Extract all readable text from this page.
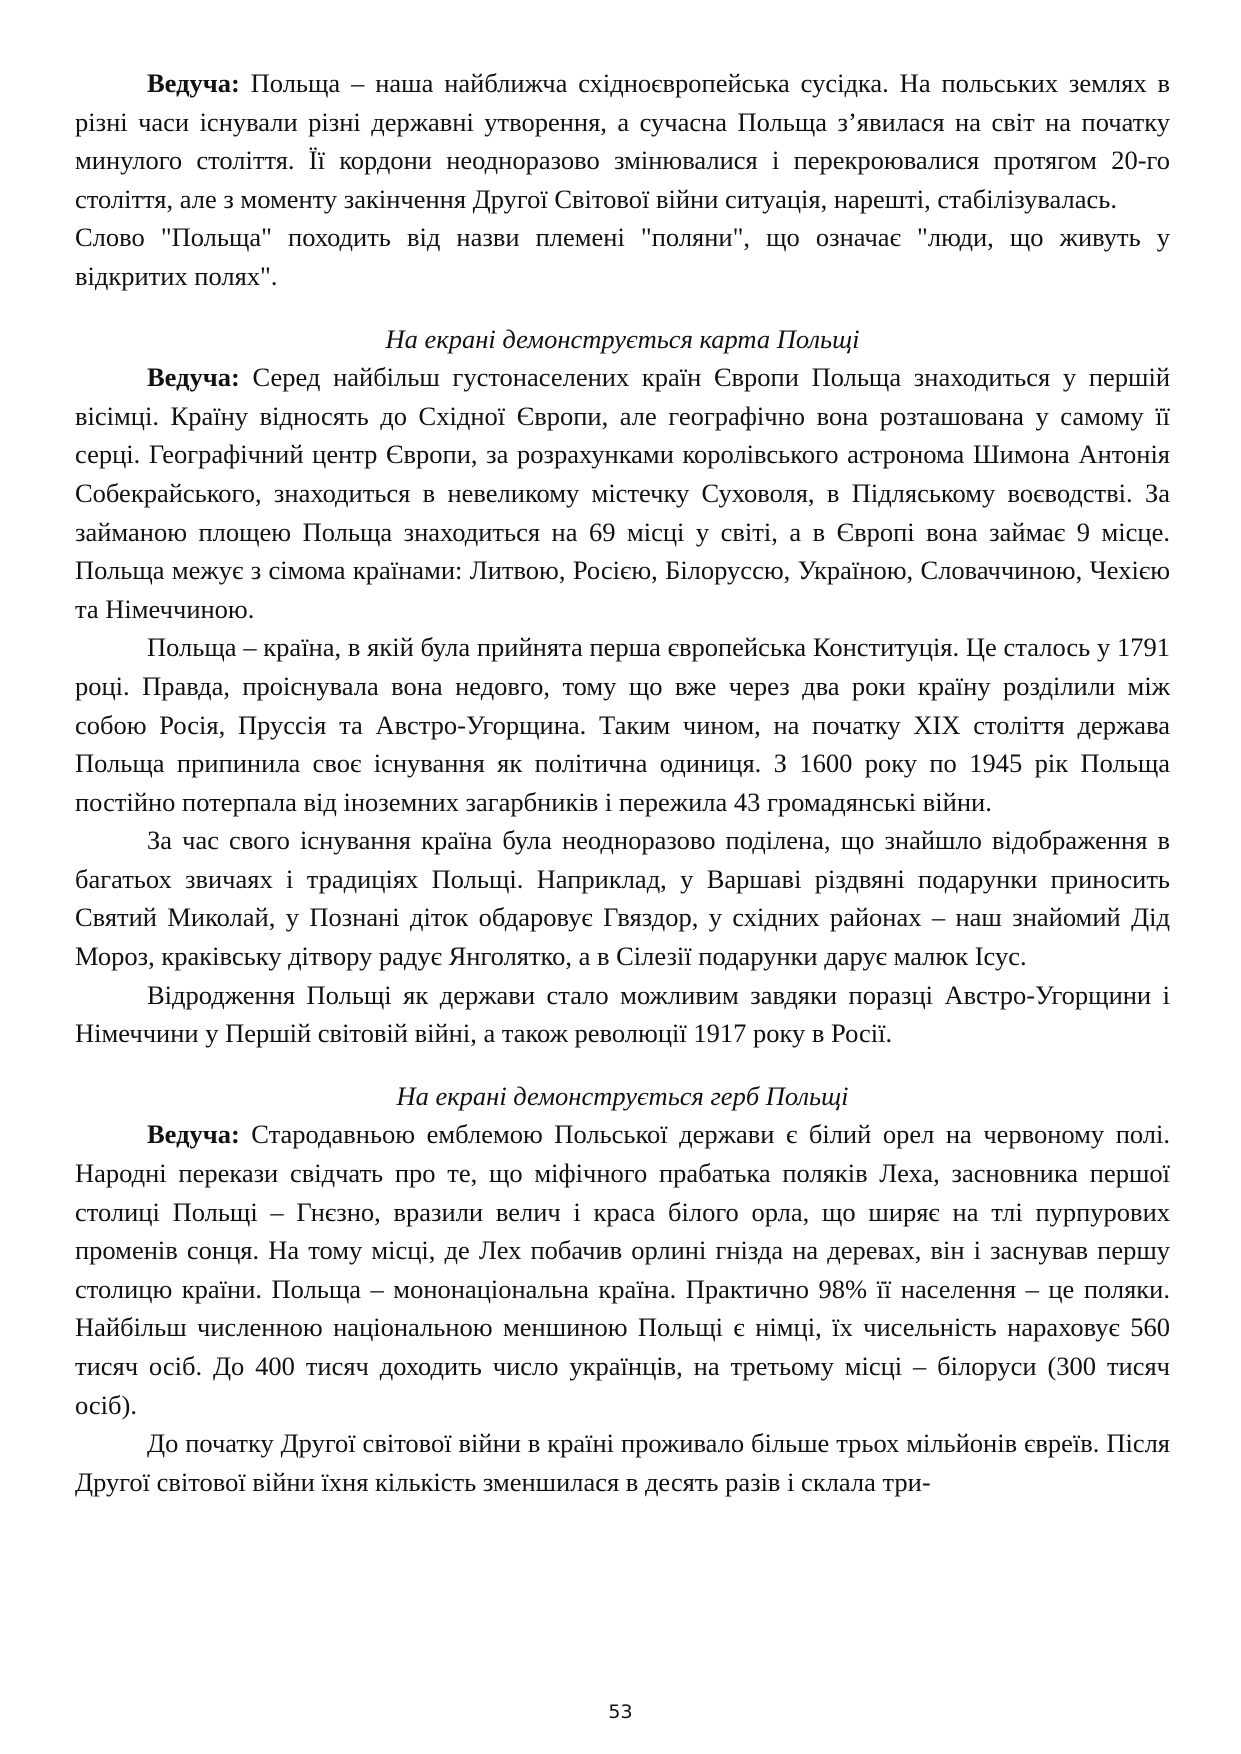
Ведуча: Польща – наша найближча східноєвропейська сусідка. На польських землях в різні часи існували різні державні утворення, а сучасна Польща з’явилася на світ на початку минулого століття. Її кордони неодноразово змінювалися і перекроювалися протягом 20-го століття, але з моменту закінчення Другої Світової війни ситуація, нарешті, стабілізувалась.

Слово "Польща" походить від назви племені "поляни", що означає "люди, що живуть у відкритих полях".

На екрані демонструється карта Польщі

Ведуча: Серед найбільш густонаселених країн Європи Польща знаходиться у першій вісімці. Країну відносять до Східної Європи, але географічно вона розташована у самому її серці. Географічний центр Європи, за розрахунками королівського астронома Шимона Антонія Собекрайського, знаходиться в невеликому містечку Суховоля, в Підляському воєводстві. За займаною площею Польща знаходиться на 69 місці у світі, а в Європі вона займає 9 місце. Польща межує з сімома країнами: Литвою, Росією, Білоруссю, Україною, Словаччиною, Чехією та Німеччиною.

Польща – країна, в якій була прийнята перша європейська Конституція. Це сталось у 1791 році. Правда, проіснувала вона недовго, тому що вже через два роки країну розділили між собою Росія, Пруссія та Австро-Угорщина. Таким чином, на початку XIX століття держава Польща припинила своє існування як політична одиниця. З 1600 року по 1945 рік Польща постійно потерпала від іноземних загарбників і пережила 43 громадянські війни.

За час свого існування країна була неодноразово поділена, що знайшло відображення в багатьох звичаях і традиціях Польщі. Наприклад, у Варшаві різдвяні подарунки приносить Святий Миколай, у Познані діток обдаровує Гвяздор, у східних районах – наш знайомий Дід Мороз, краківську дітвору радує Янголятко, а в Сілезії подарунки дарує малюк Ісус.

Відродження Польщі як держави стало можливим завдяки поразці Австро-Угорщини і Німеччини у Першій світовій війні, а також революції 1917 року в Росії.

На екрані демонструється герб Польщі

Ведуча: Стародавньою емблемою Польської держави є білий орел на червоному полі. Народні перекази свідчать про те, що міфічного прабатька поляків Леха, засновника першої столиці Польщі – Гнєзно, вразили велич і краса білого орла, що ширяє на тлі пурпурових променів сонця. На тому місці, де Лех побачив орлині гнізда на деревах, він і заснував першу столицю країни. Польща – мононаціональна країна. Практично 98% її населення – це поляки. Найбільш численною національною меншиною Польщі є німці, їх чисельність нараховує 560 тисяч осіб. До 400 тисяч доходить число українців, на третьому місці – білоруси (300 тисяч осіб).

До початку Другої світової війни в країні проживало більше трьох мільйонів євреїв. Після Другої світової війни їхня кількість зменшилася в десять разів і склала три-

53
